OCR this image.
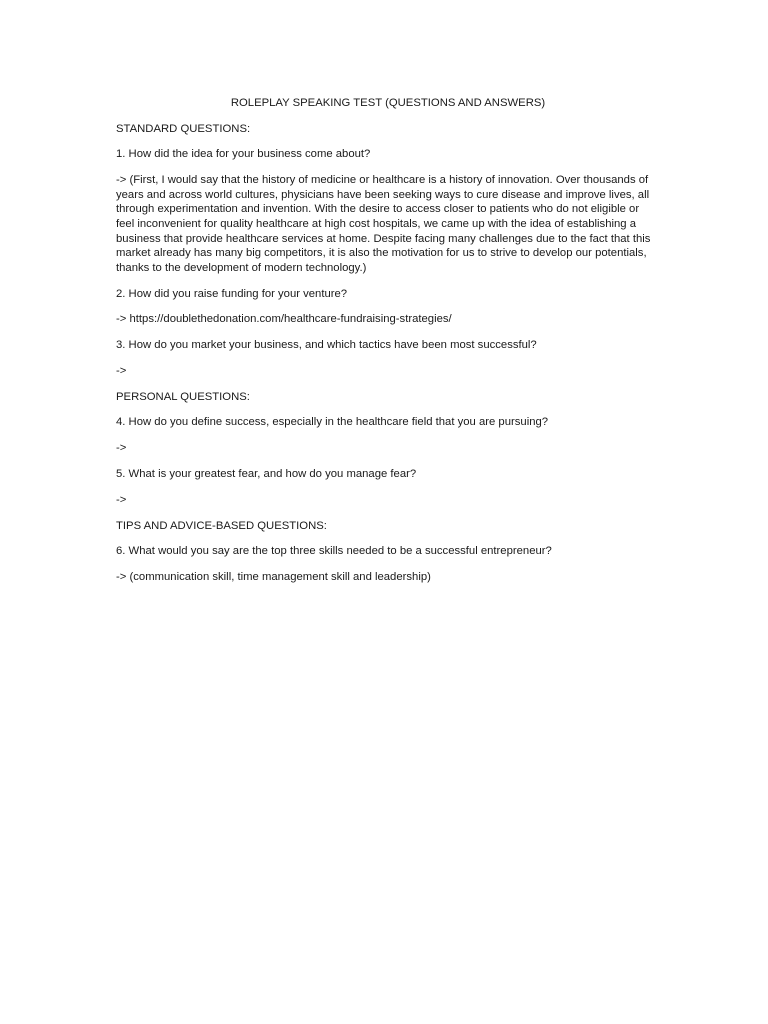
ROLEPLAY SPEAKING TEST (QUESTIONS AND ANSWERS)

STANDARD QUESTIONS:

1. How did the idea for your business come about?

-> (First, I would say that the history of medicine or healthcare is a history of innovation. Over thousands of years and across world cultures, physicians have been seeking ways to cure disease and improve lives, all through experimentation and invention. With the desire to access closer to patients who do not eligible or feel inconvenient for quality healthcare at high cost hospitals, we came up with the idea of establishing a business that provide healthcare services at home. Despite facing many challenges due to the fact that this market already has many big competitors, it is also the motivation for us to strive to develop our potentials, thanks to the development of modern technology.)

2. How did you raise funding for your venture?

-> https://doublethedonation.com/healthcare-fundraising-strategies/

3. How do you market your business, and which tactics have been most successful?

->

PERSONAL QUESTIONS:

4. How do you define success, especially in the healthcare field that you are pursuing?

->

5. What is your greatest fear, and how do you manage fear?

->

TIPS AND ADVICE-BASED QUESTIONS:

6. What would you say are the top three skills needed to be a successful entrepreneur?

-> (communication skill, time management skill and leadership)
